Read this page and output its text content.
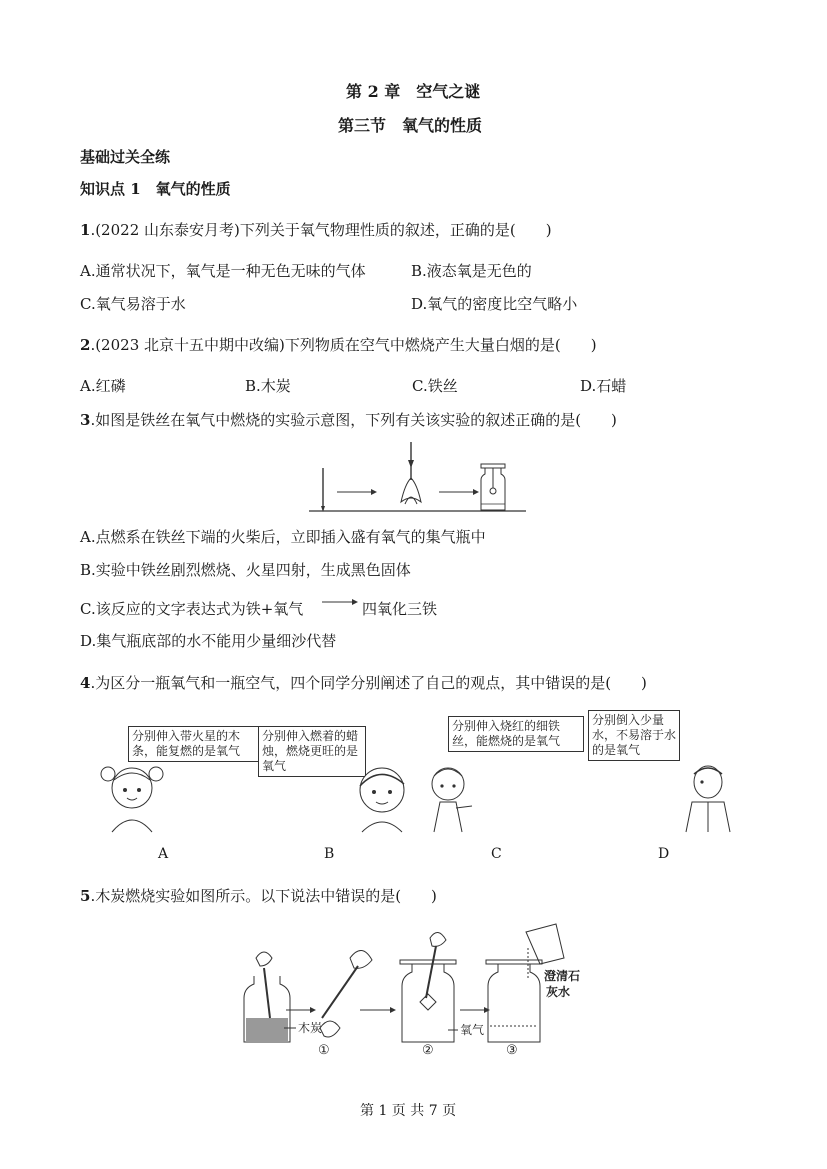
第 2 章　空气之谜
第三节　氧气的性质
基础过关全练
知识点 1　氧气的性质
1.(2022 山东泰安月考)下列关于氧气物理性质的叙述，正确的是(　　)
A.通常状况下，氧气是一种无色无味的气体	B.液态氧是无色的
C.氧气易溶于水	D.氧气的密度比空气略小
2.(2023 北京十五中期中改编)下列物质在空气中燃烧产生大量白烟的是(　　)
A.红磷	B.木炭	C.铁丝	D.石蜡
3.如图是铁丝在氧气中燃烧的实验示意图，下列有关该实验的叙述正确的是(　　)
A.点燃系在铁丝下端的火柴后，立即插入盛有氧气的集气瓶中
B.实验中铁丝剧烈燃烧、火星四射，生成黑色固体
C.该反应的文字表达式为铁+氧气 → 四氧化三铁
D.集气瓶底部的水不能用少量细沙代替
4.为区分一瓶氧气和一瓶空气，四个同学分别阐述了自己的观点，其中错误的是(　　)
分别伸入带火星的木条，能复燃的是氧气
分别伸入燃着的蜡烛，燃烧更旺的是氧气
分别伸入烧红的细铁丝，能燃烧的是氧气
分别倒入少量水，不易溶于水的是氧气
A	B	C	D
5.木炭燃烧实验如图所示。以下说法中错误的是(　　)
木炭
①
氧气
②
澄清石
灰水
③
第 1 页 共 7 页
